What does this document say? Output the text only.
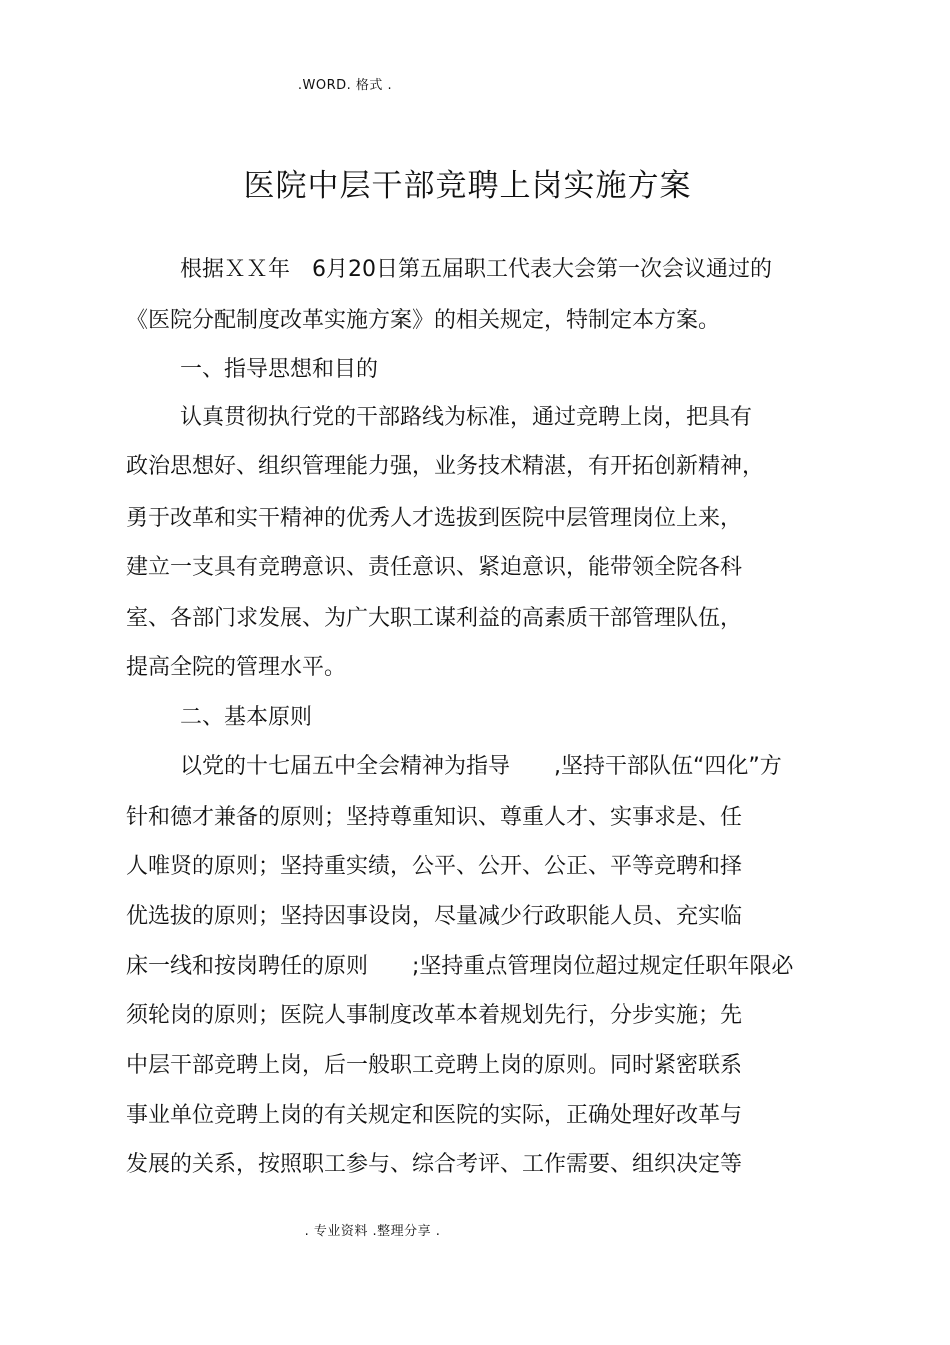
.WORD. 格式 .
医院中层干部竞聘上岗实施方案
根据ＸＸ年　6月20日第五届职工代表大会第一次会议通过的
《医院分配制度改革实施方案》的相关规定，特制定本方案。
一、指导思想和目的
认真贯彻执行党的干部路线为标准，通过竞聘上岗，把具有
政治思想好、组织管理能力强，业务技术精湛，有开拓创新精神，
勇于改革和实干精神的优秀人才选拔到医院中层管理岗位上来，
建立一支具有竞聘意识、责任意识、紧迫意识，能带领全院各科
室、各部门求发展、为广大职工谋利益的高素质干部管理队伍，
提高全院的管理水平。
二、基本原则
以党的十七届五中全会精神为指导　　,坚持干部队伍“四化”方
针和德才兼备的原则；坚持尊重知识、尊重人才、实事求是、任
人唯贤的原则；坚持重实绩，公平、公开、公正、平等竞聘和择
优选拔的原则；坚持因事设岗，尽量减少行政职能人员、充实临
床一线和按岗聘任的原则　　;坚持重点管理岗位超过规定任职年限必
须轮岗的原则；医院人事制度改革本着规划先行，分步实施；先
中层干部竞聘上岗，后一般职工竞聘上岗的原则。同时紧密联系
事业单位竞聘上岗的有关规定和医院的实际，正确处理好改革与
发展的关系，按照职工参与、综合考评、工作需要、组织决定等
. 专业资料 .整理分享 .
